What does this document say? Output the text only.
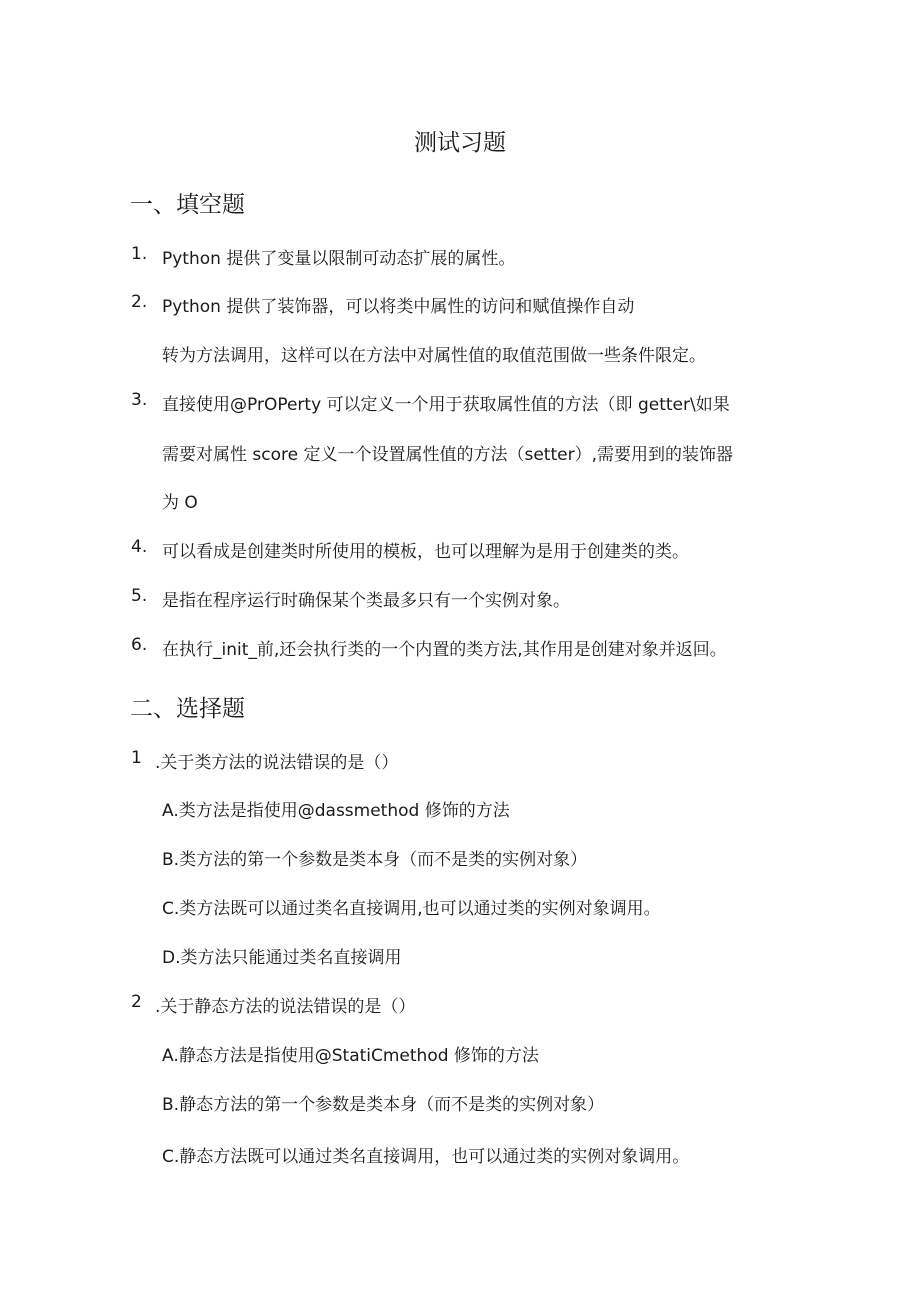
测试习题
一、填空题
1. Python 提供了变量以限制可动态扩展的属性。
2. Python 提供了装饰器，可以将类中属性的访问和赋值操作自动
转为方法调用，这样可以在方法中对属性值的取值范围做一些条件限定。
3. 直接使用@PrOPerty 可以定义一个用于获取属性值的方法（即 getter\如果
需要对属性 score 定义一个设置属性值的方法（setter）,需要用到的装饰器
为 O
4. 可以看成是创建类时所使用的模板，也可以理解为是用于创建类的类。
5. 是指在程序运行时确保某个类最多只有一个实例对象。
6. 在执行_init_前,还会执行类的一个内置的类方法,其作用是创建对象并返回。
二、选择题
1 .关于类方法的说法错误的是（）
A.类方法是指使用@dassmethod 修饰的方法
B.类方法的第一个参数是类本身（而不是类的实例对象）
C.类方法既可以通过类名直接调用,也可以通过类的实例对象调用。
D.类方法只能通过类名直接调用
2 .关于静态方法的说法错误的是（）
A.静态方法是指使用@StatiCmethod 修饰的方法
B.静态方法的第一个参数是类本身（而不是类的实例对象）
C.静态方法既可以通过类名直接调用，也可以通过类的实例对象调用。
